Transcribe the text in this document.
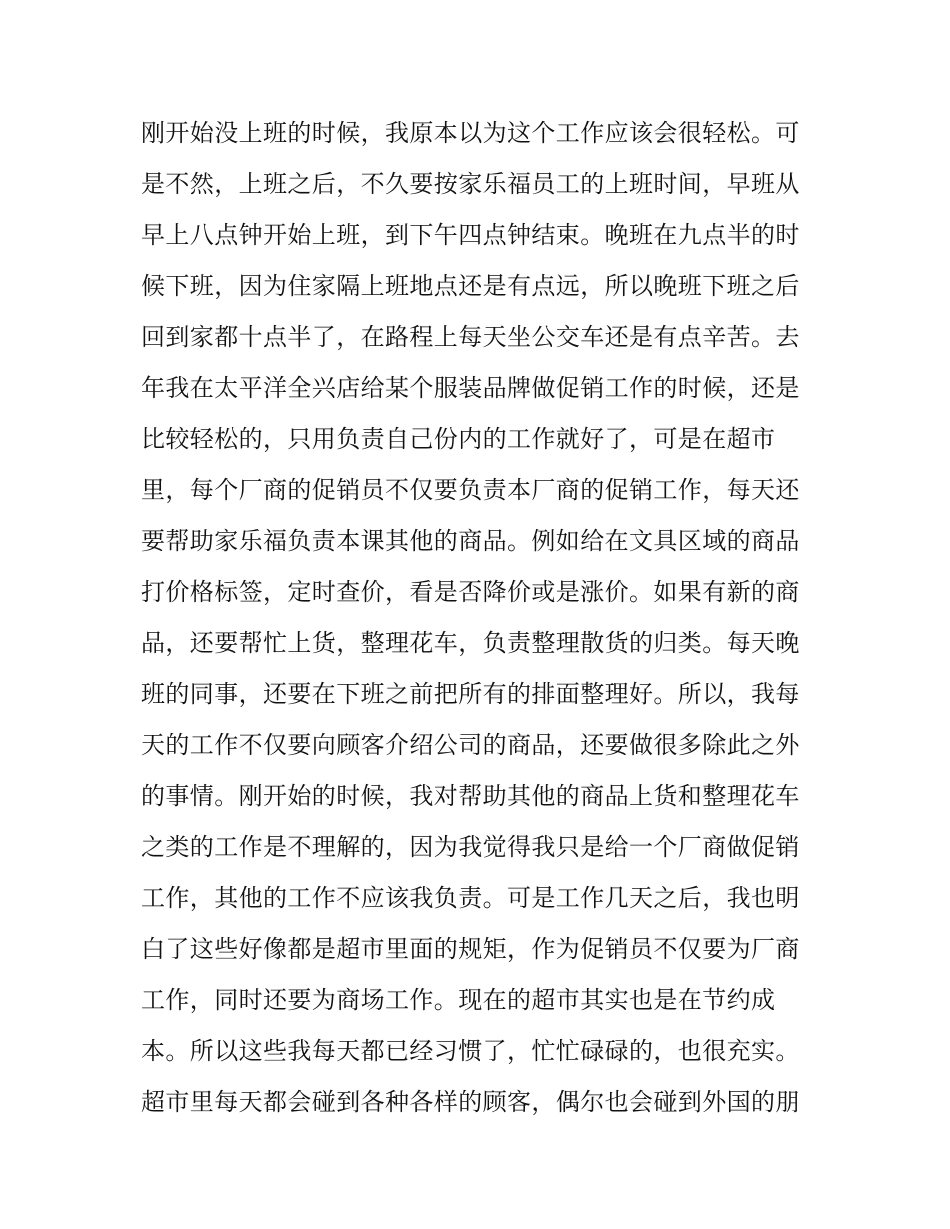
刚开始没上班的时候，我原本以为这个工作应该会很轻松。可
是不然，上班之后，不久要按家乐福员工的上班时间，早班从
早上八点钟开始上班，到下午四点钟结束。晚班在九点半的时
候下班，因为住家隔上班地点还是有点远，所以晚班下班之后
回到家都十点半了，在路程上每天坐公交车还是有点辛苦。去
年我在太平洋全兴店给某个服装品牌做促销工作的时候，还是
比较轻松的，只用负责自己份内的工作就好了，可是在超市
里，每个厂商的促销员不仅要负责本厂商的促销工作，每天还
要帮助家乐福负责本课其他的商品。例如给在文具区域的商品
打价格标签，定时查价，看是否降价或是涨价。如果有新的商
品，还要帮忙上货，整理花车，负责整理散货的归类。每天晚
班的同事，还要在下班之前把所有的排面整理好。所以，我每
天的工作不仅要向顾客介绍公司的商品，还要做很多除此之外
的事情。刚开始的时候，我对帮助其他的商品上货和整理花车
之类的工作是不理解的，因为我觉得我只是给一个厂商做促销
工作，其他的工作不应该我负责。可是工作几天之后，我也明
白了这些好像都是超市里面的规矩，作为促销员不仅要为厂商
工作，同时还要为商场工作。现在的超市其实也是在节约成
本。所以这些我每天都已经习惯了，忙忙碌碌的，也很充实。
超市里每天都会碰到各种各样的顾客，偶尔也会碰到外国的朋
